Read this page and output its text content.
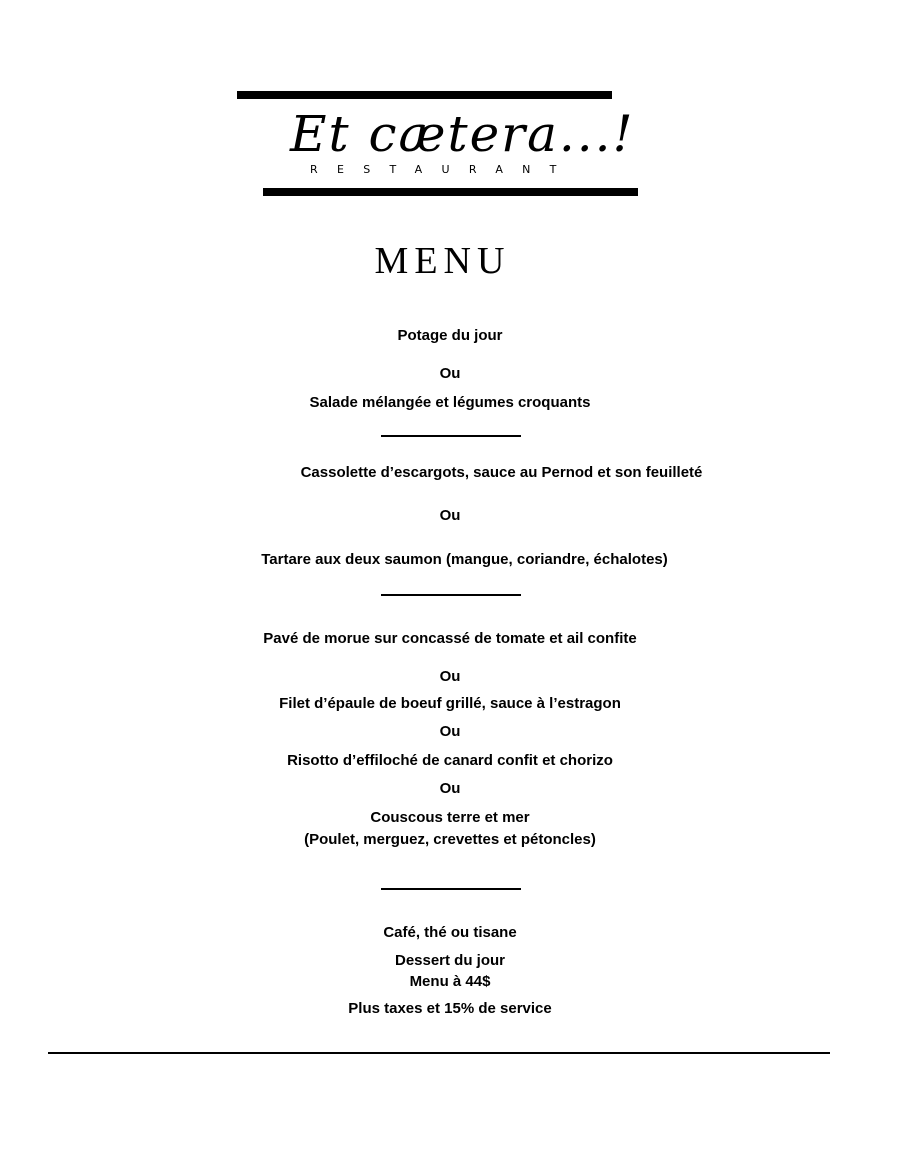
Et cætera...!
RESTAURANT
MENU
Potage du jour
Ou
Salade mélangée et légumes croquants
Cassolette d’escargots, sauce au Pernod et son feuilleté
Ou
Tartare aux deux saumon (mangue, coriandre, échalotes)
Pavé de morue sur concassé de tomate et ail confite
Ou
Filet d’épaule de boeuf grillé, sauce à l’estragon
Ou
Risotto d’effiloché de canard confit et chorizo
Ou
Couscous terre et mer
(Poulet, merguez, crevettes et pétoncles)
Café, thé ou tisane
Dessert du jour
Menu à 44$
Plus taxes et 15% de service
